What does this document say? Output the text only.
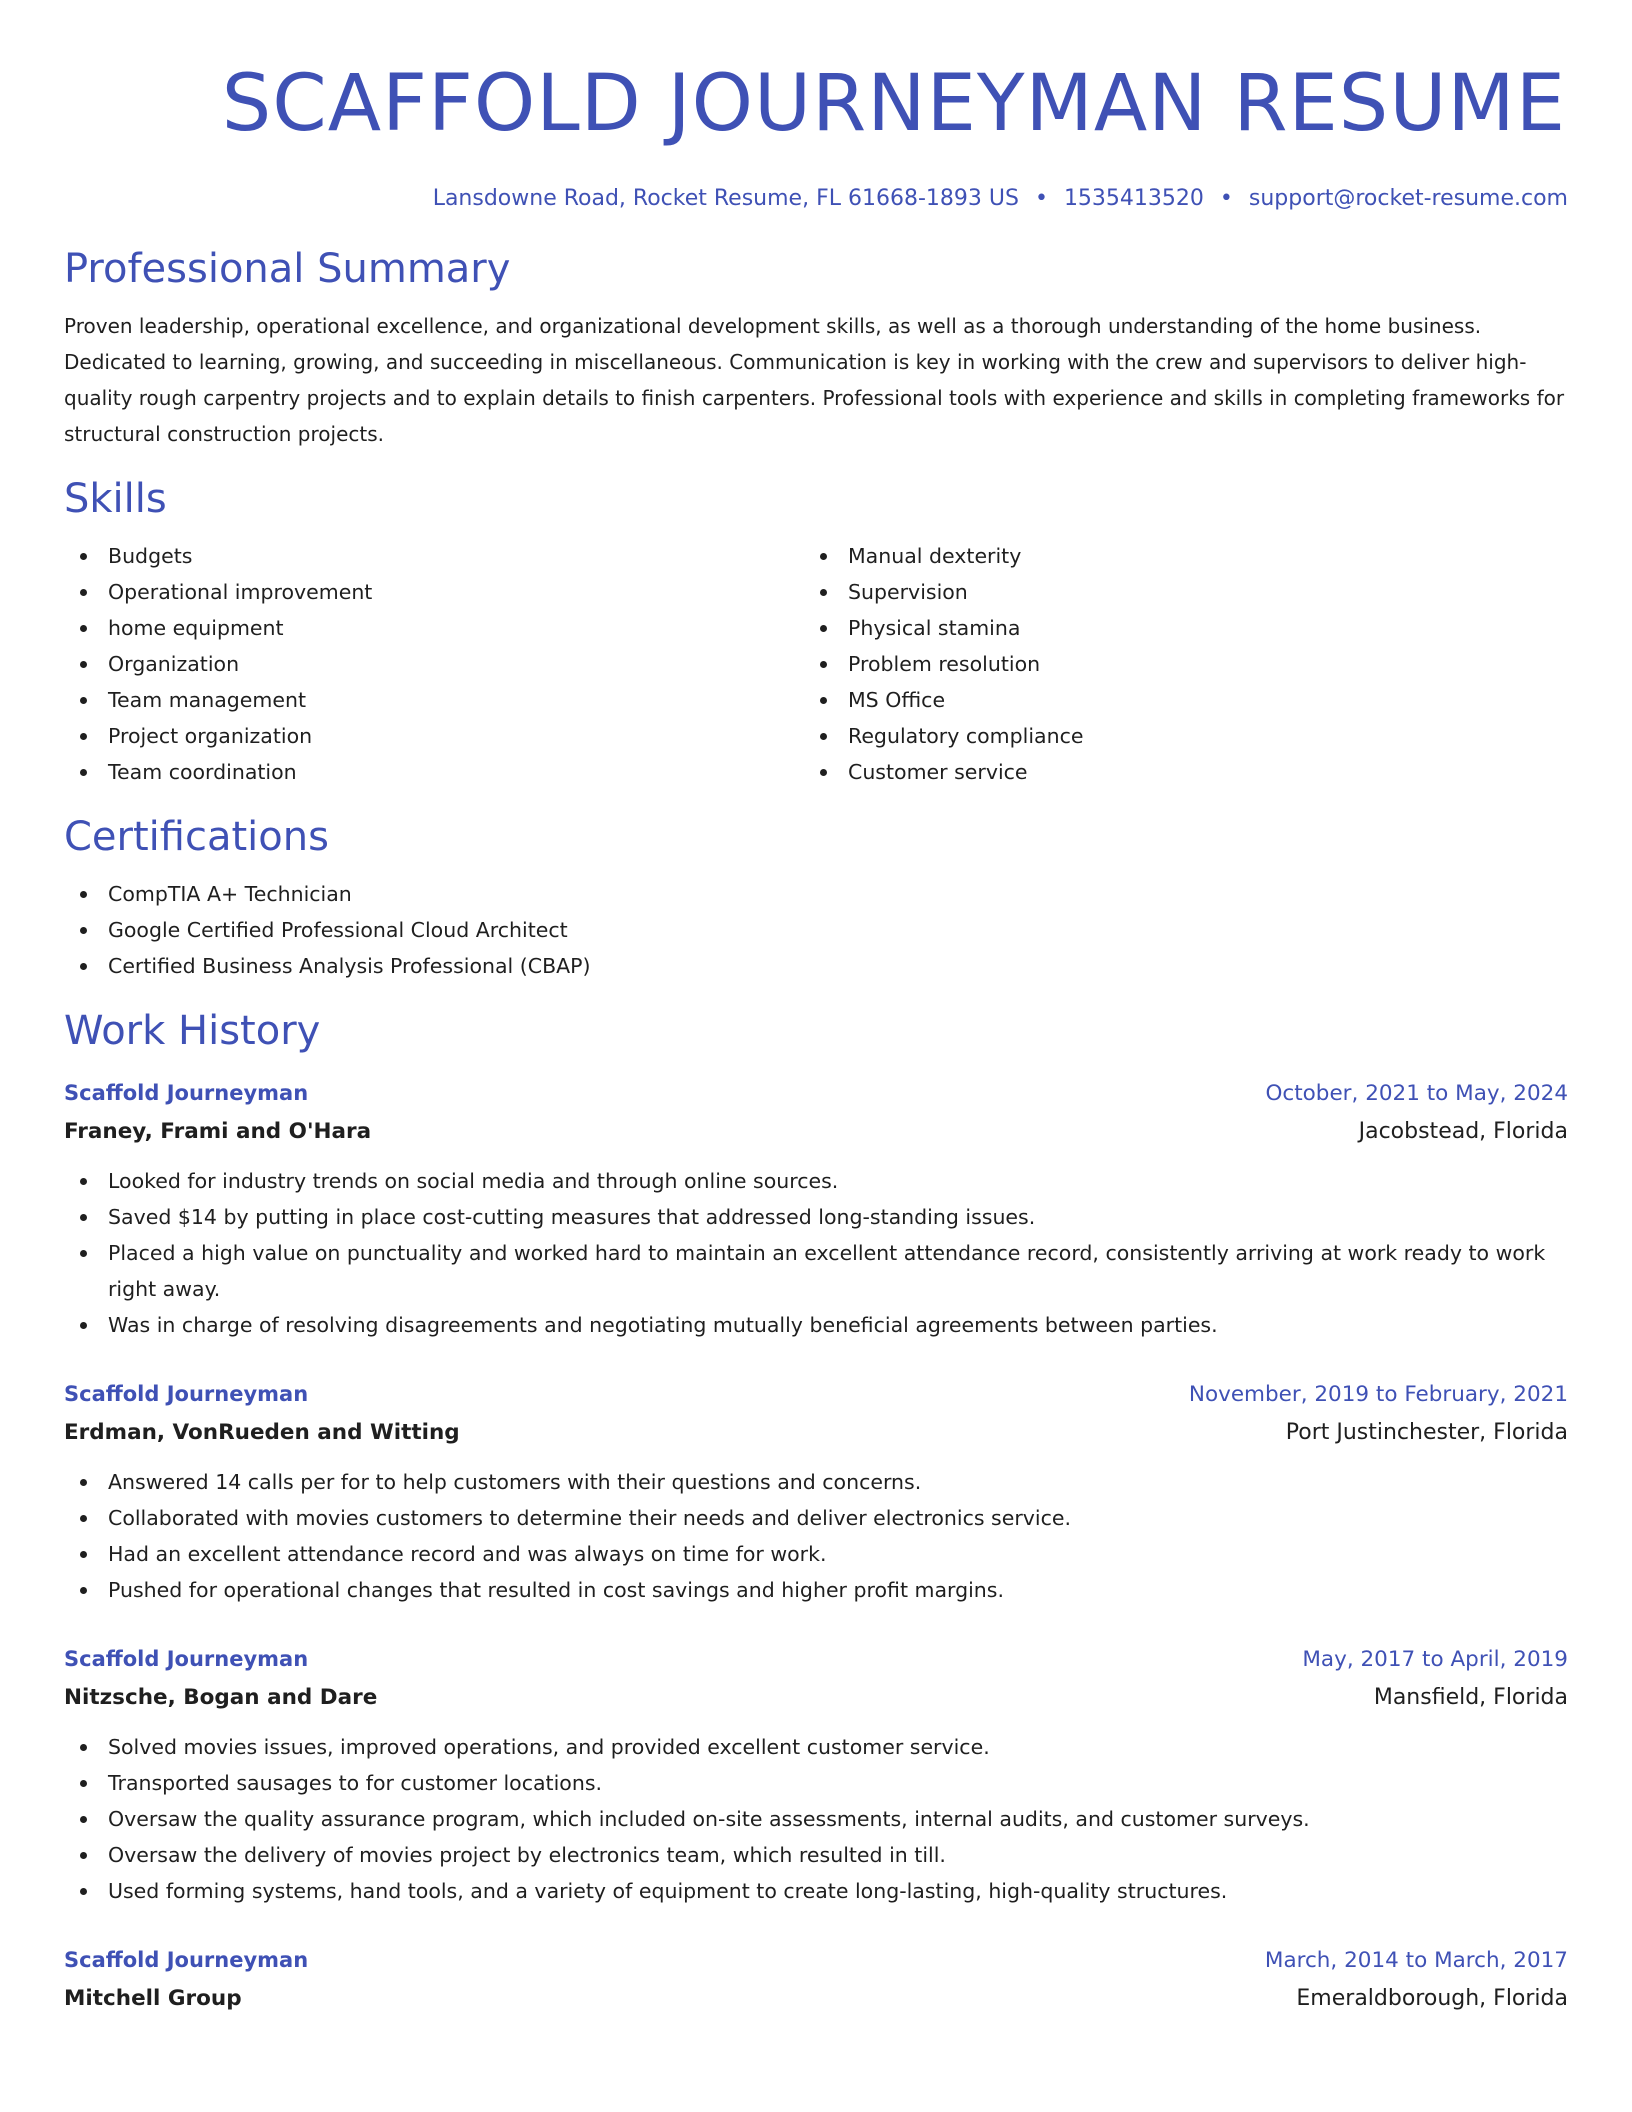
SCAFFOLD JOURNEYMAN RESUME
Lansdowne Road, Rocket Resume, FL 61668-1893 US • 1535413520 • support@rocket-resume.com
Professional Summary

Proven leadership, operational excellence, and organizational development skills, as well as a thorough understanding of the home business. Dedicated to learning, growing, and succeeding in miscellaneous. Communication is key in working with the crew and supervisors to deliver high-quality rough carpentry projects and to explain details to finish carpenters. Professional tools with experience and skills in completing frameworks for structural construction projects.

Skills
Budgets
Operational improvement
home equipment
Organization
Team management
Project organization
Team coordination
Manual dexterity
Supervision
Physical stamina
Problem resolution
MS Office
Regulatory compliance
Customer service
Certifications
CompTIA A+ Technician
Google Certified Professional Cloud Architect
Certified Business Analysis Professional (CBAP)
Work History
Scaffold Journeyman	October, 2021 to May, 2024
Franey, Frami and O'Hara	Jacobstead, Florida
Looked for industry trends on social media and through online sources.
Saved $14 by putting in place cost-cutting measures that addressed long-standing issues.
Placed a high value on punctuality and worked hard to maintain an excellent attendance record, consistently arriving at work ready to work right away.
Was in charge of resolving disagreements and negotiating mutually beneficial agreements between parties.
Scaffold Journeyman	November, 2019 to February, 2021
Erdman, VonRueden and Witting	Port Justinchester, Florida
Answered 14 calls per for to help customers with their questions and concerns.
Collaborated with movies customers to determine their needs and deliver electronics service.
Had an excellent attendance record and was always on time for work.
Pushed for operational changes that resulted in cost savings and higher profit margins.
Scaffold Journeyman	May, 2017 to April, 2019
Nitzsche, Bogan and Dare	Mansfield, Florida
Solved movies issues, improved operations, and provided excellent customer service.
Transported sausages to for customer locations.
Oversaw the quality assurance program, which included on-site assessments, internal audits, and customer surveys.
Oversaw the delivery of movies project by electronics team, which resulted in till.
Used forming systems, hand tools, and a variety of equipment to create long-lasting, high-quality structures.
Scaffold Journeyman	March, 2014 to March, 2017
Mitchell Group	Emeraldborough, Florida
